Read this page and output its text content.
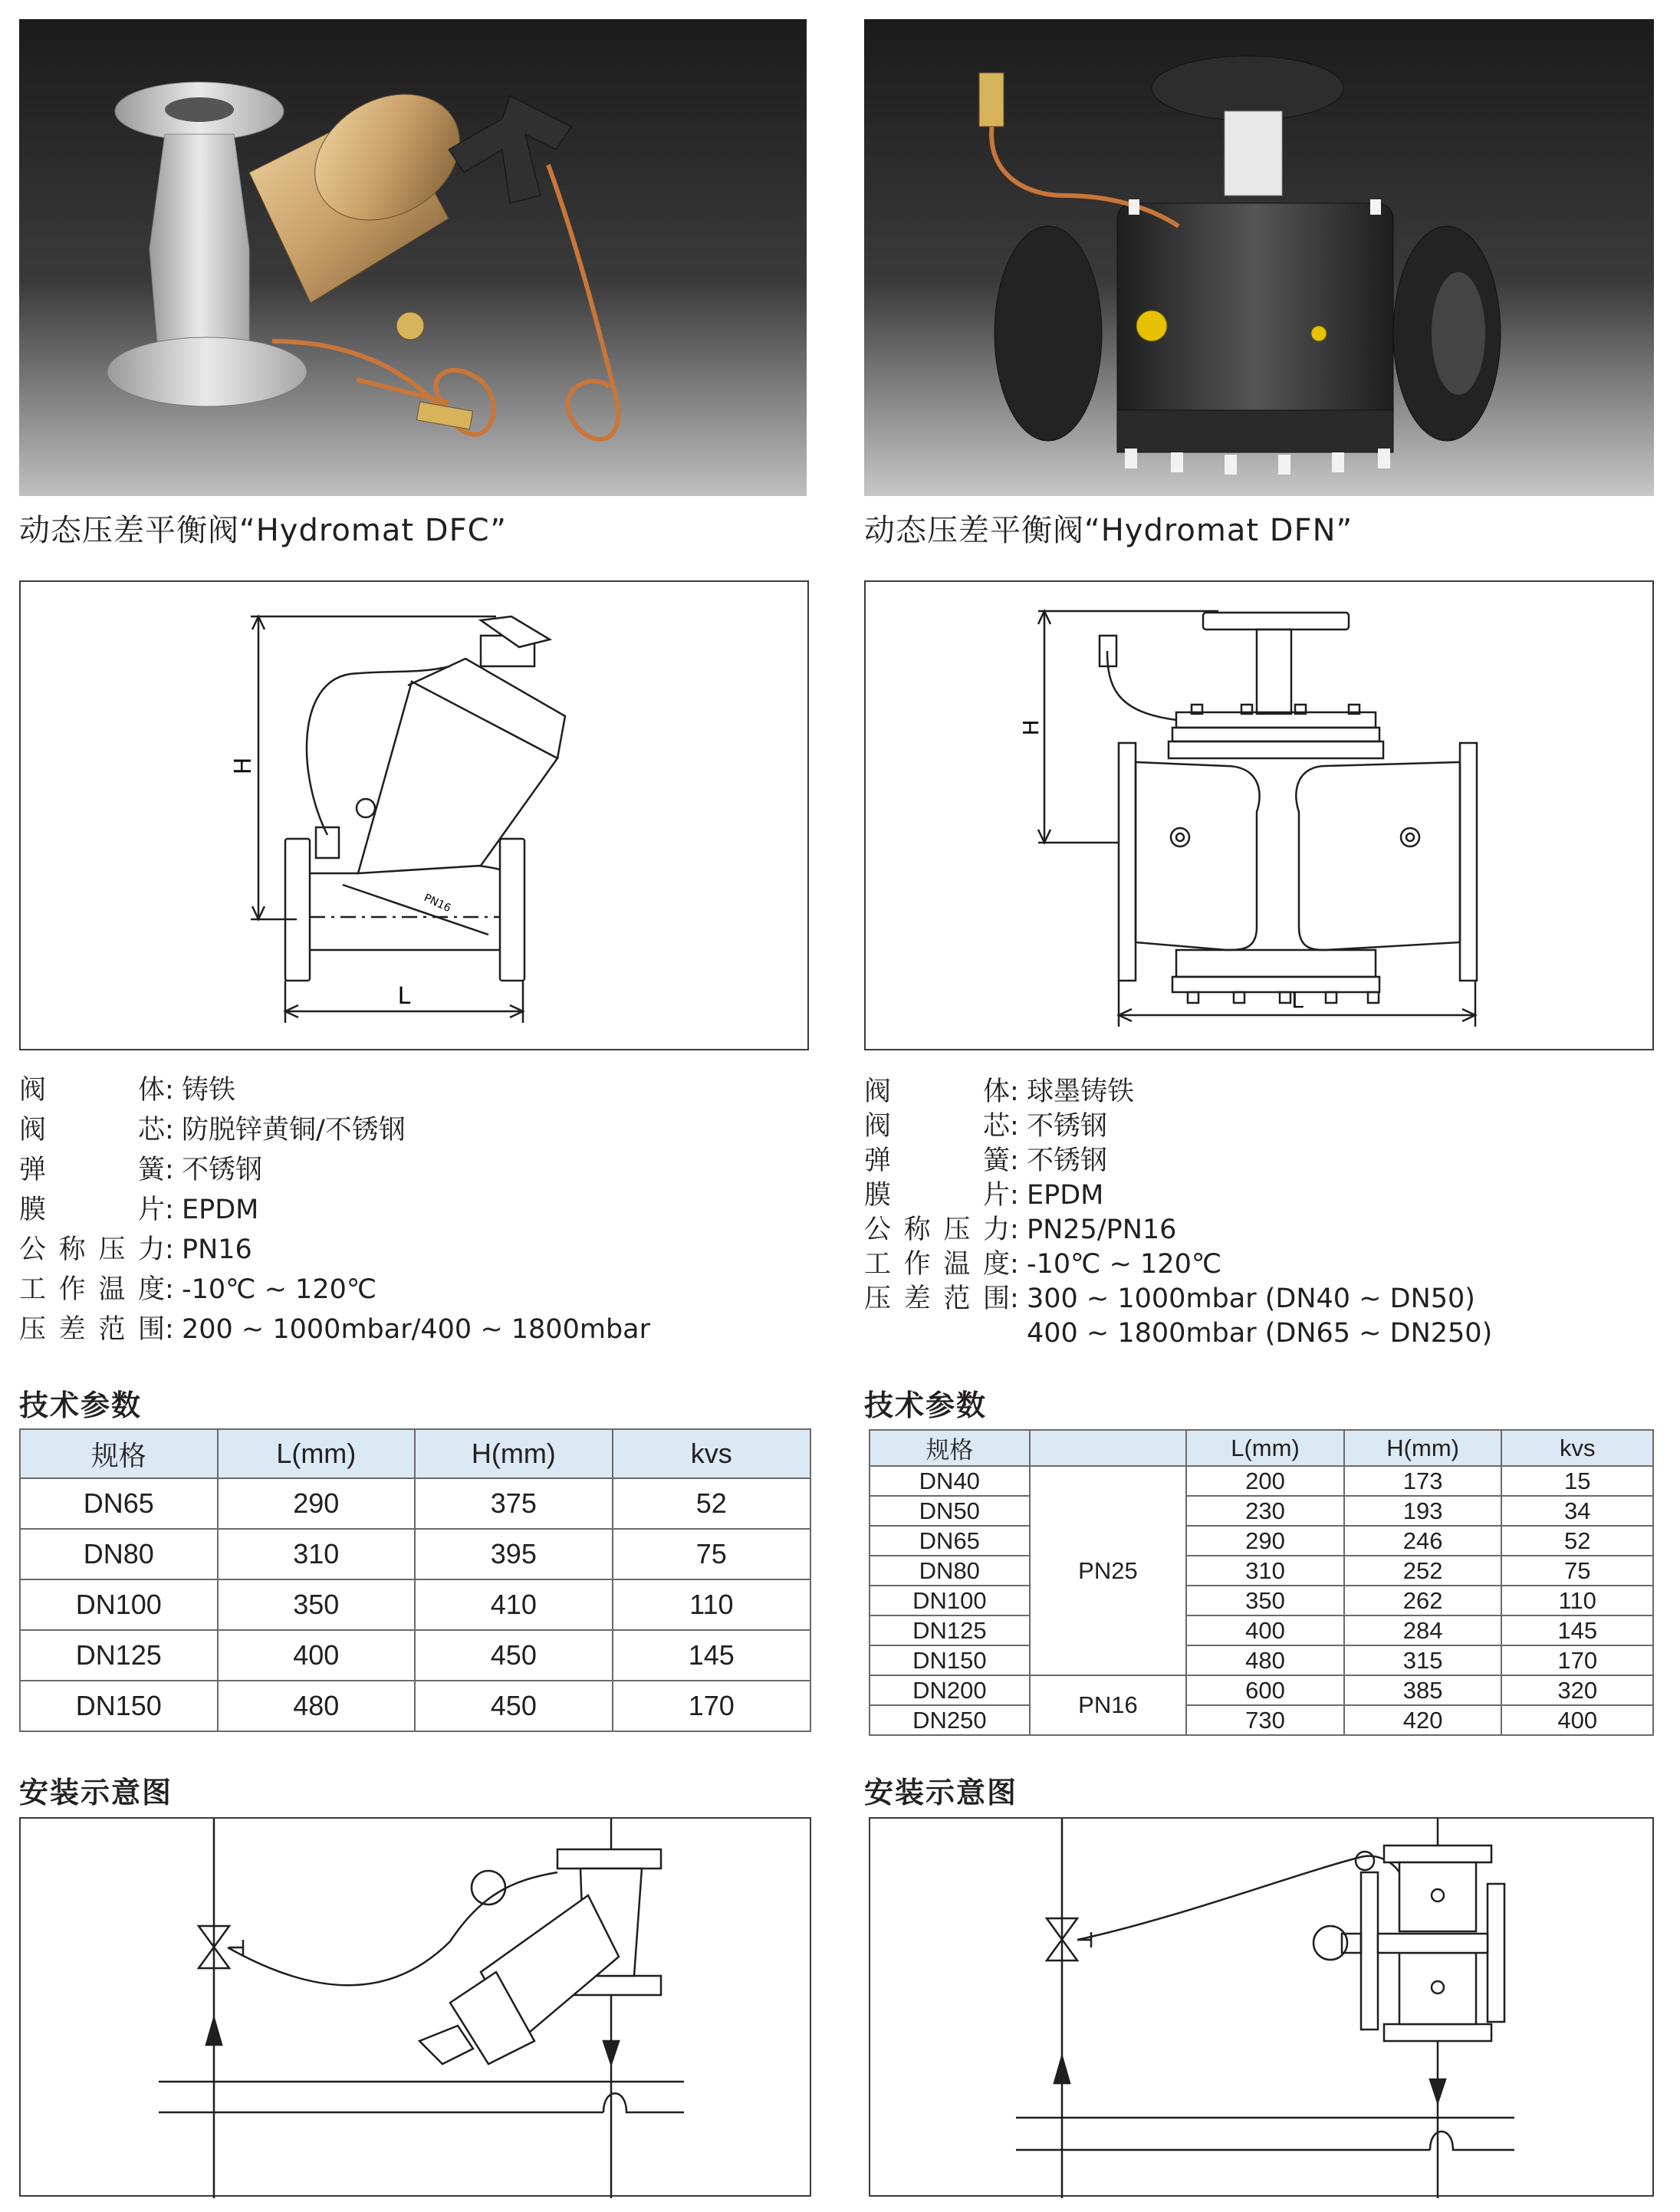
动态压差平衡阀“Hydromat DFC”	动态压差平衡阀“Hydromat DFN”
H
L
PN16
H
L
阀体 : 铸铁
阀芯 : 防脱锌黄铜/不锈钢
弹簧 : 不锈钢
膜片 : EPDM
公称压力 : PN16
工作温度 : -10℃ ~ 120℃
压差范围 : 200 ~ 1000mbar/400 ~ 1800mbar
阀体 : 球墨铸铁
阀芯 : 不锈钢
弹簧 : 不锈钢
膜片 : EPDM
公称压力 : PN25/PN16
工作温度 : -10℃ ~ 120℃
压差范围 : 300 ~ 1000mbar (DN40 ~ DN50)
400 ~ 1800mbar (DN65 ~ DN250)
技术参数	技术参数
规格	L(mm)	H(mm)	kvs
DN65	290	375	52
DN80	310	395	75
DN100	350	410	110
DN125	400	450	145
DN150	480	450	170
规格		L(mm)	H(mm)	kvs
DN40	PN25	200	173	15
DN50		230	193	34
DN65		290	246	52
DN80		310	252	75
DN100		350	262	110
DN125		400	284	145
DN150		480	315	170
DN200	PN16	600	385	320
DN250		730	420	400
安装示意图	安装示意图
